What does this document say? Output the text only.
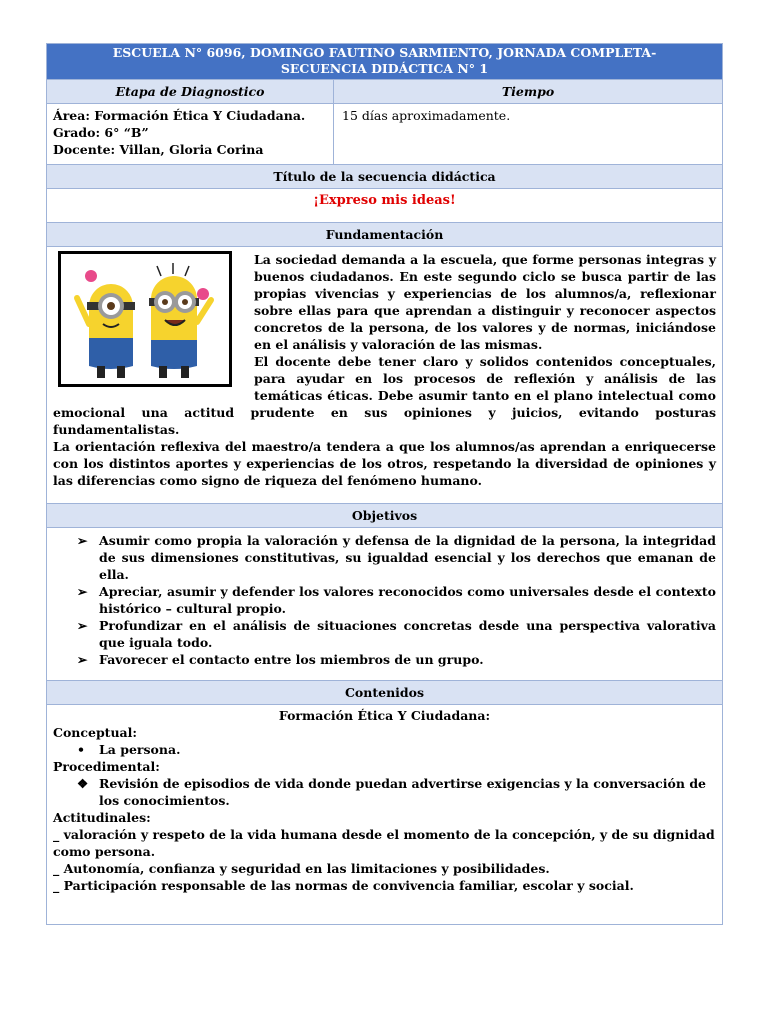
ESCUELA N° 6096, DOMINGO FAUTINO SARMIENTO, JORNADA COMPLETA-
SECUENCIA DIDÁCTICA N° 1
Etapa de Diagnostico	Tiempo
Área: Formación Ética Y Ciudadana.
Grado: 6° “B”
Docente: Villan, Gloria Corina
15 días aproximadamente.
Título de la secuencia didáctica
¡Expreso mis ideas!
Fundamentación

La sociedad demanda a la escuela, que forme personas integras y buenos ciudadanos. En este segundo ciclo se busca partir de las propias vivencias y experiencias de los alumnos/a, reflexionar sobre ellas para que aprendan a distinguir y reconocer aspectos concretos de la persona, de los valores y de normas, iniciándose en el análisis y valoración de las mismas.

El docente debe tener claro y solidos contenidos conceptuales, para ayudar en los procesos de reflexión y análisis de las temáticas éticas. Debe asumir tanto en el plano intelectual como emocional una actitud prudente en sus opiniones y juicios, evitando posturas fundamentalistas.

La orientación reflexiva del maestro/a tendera a que los alumnos/as aprendan a enriquecerse con los distintos aportes y experiencias de los otros, respetando la diversidad de opiniones y las diferencias como signo de riqueza del fenómeno humano.

Objetivos
➢ Asumir como propia la valoración y defensa de la dignidad de la persona, la integridad de sus dimensiones constitutivas, su igualdad esencial y los derechos que emanan de ella.
➢ Apreciar, asumir y defender los valores reconocidos como universales desde el contexto histórico – cultural propio.
➢ Profundizar en el análisis de situaciones concretas desde una perspectiva valorativa que iguala todo.
➢ Favorecer el contacto entre los miembros de un grupo.
Contenidos
Formación Ética Y Ciudadana:
Conceptual:
• La persona.
Procedimental:
❖ Revisión de episodios de vida donde puedan advertirse exigencias y la conversación de los conocimientos.
Actitudinales:
_ valoración y respeto de la vida humana desde el momento de la concepción, y de su dignidad como persona.
_ Autonomía, confianza y seguridad en las limitaciones y posibilidades.
_ Participación responsable de las normas de convivencia familiar, escolar y social.
